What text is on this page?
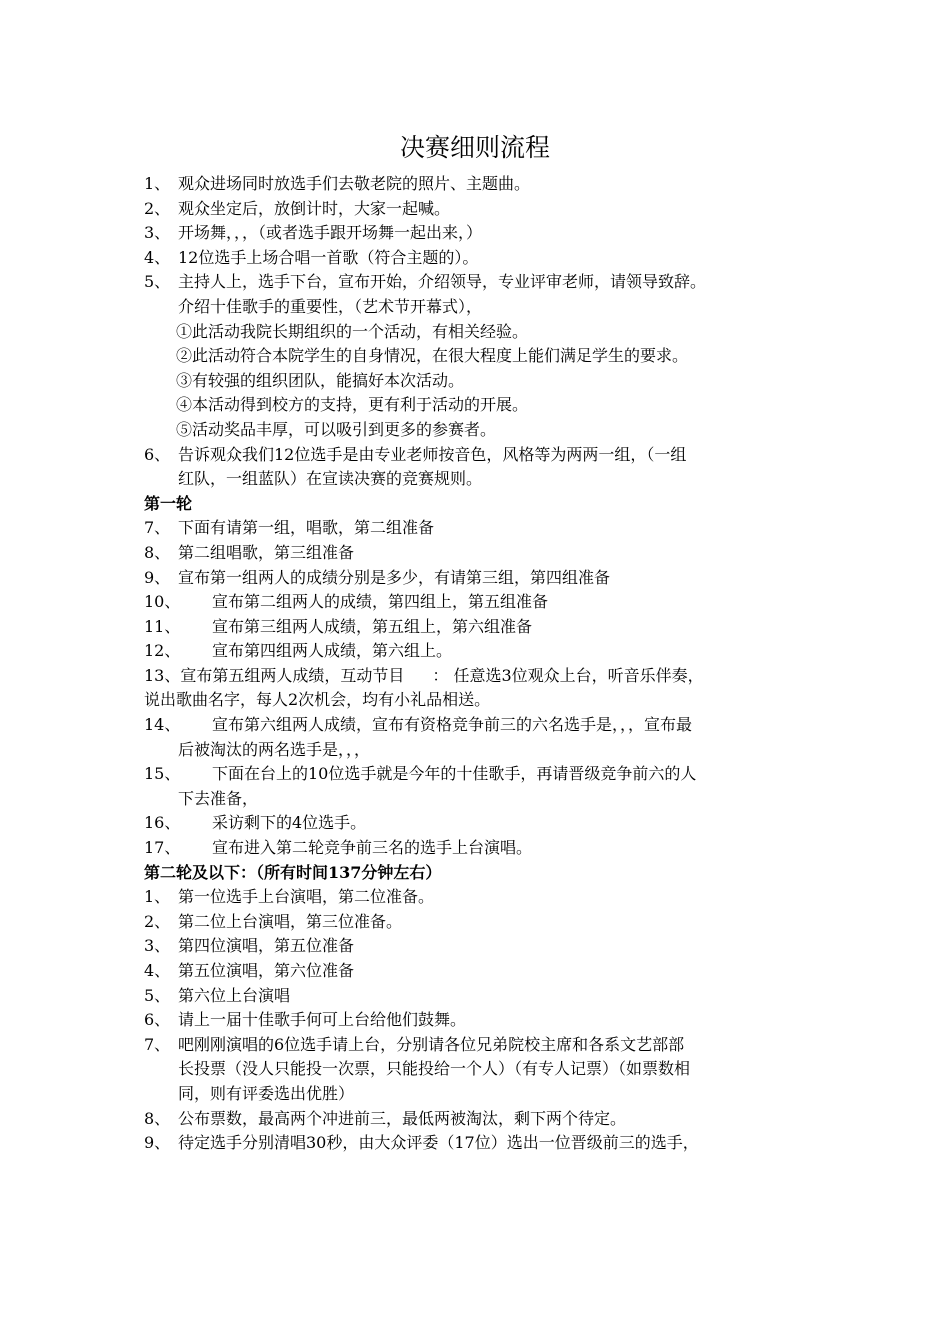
决赛细则流程
1、 观众进场同时放选手们去敬老院的照片、主题曲。
2、 观众坐定后，放倒计时，大家一起喊。
3、 开场舞，，，（或者选手跟开场舞一起出来，）
4、 12位选手上场合唱一首歌（符合主题的）。
5、 主持人上，选手下台，宣布开始，介绍领导，专业评审老师，请领导致辞。
介绍十佳歌手的重要性，（艺术节开幕式），
①此活动我院长期组织的一个活动，有相关经验。
②此活动符合本院学生的自身情况，在很大程度上能们满足学生的要求。
③有较强的组织团队，能搞好本次活动。
④本活动得到校方的支持，更有利于活动的开展。
⑤活动奖品丰厚，可以吸引到更多的参赛者。
6、 告诉观众我们12位选手是由专业老师按音色，风格等为两两一组，（一组
红队，一组蓝队）在宣读决赛的竞赛规则。
第一轮
7、 下面有请第一组，唱歌，第二组准备
8、 第二组唱歌，第三组准备
9、 宣布第一组两人的成绩分别是多少，有请第三组，第四组准备
10、	宣布第二组两人的成绩，第四组上，第五组准备
11、	宣布第三组两人成绩，第五组上，第六组准备
12、	宣布第四组两人成绩，第六组上。
13、宣布第五组两人成绩，互动节目 ： 任意选3位观众上台，听音乐伴奏，
说出歌曲名字，每人2次机会，均有小礼品相送。
14、	宣布第六组两人成绩，宣布有资格竞争前三的六名选手是，，，宣布最
后被淘汰的两名选手是，，，
15、	下面在台上的10位选手就是今年的十佳歌手，再请晋级竞争前六的人
下去准备，
16、	采访剩下的4位选手。
17、	宣布进入第二轮竞争前三名的选手上台演唱。
第二轮及以下：（所有时间137分钟左右）
1、 第一位选手上台演唱，第二位准备。
2、 第二位上台演唱，第三位准备。
3、 第四位演唱，第五位准备
4、 第五位演唱，第六位准备
5、 第六位上台演唱
6、 请上一届十佳歌手何可上台给他们鼓舞。
7、 吧刚刚演唱的6位选手请上台，分别请各位兄弟院校主席和各系文艺部部
长投票（没人只能投一次票，只能投给一个人）（有专人记票）（如票数相
同，则有评委选出优胜）
8、 公布票数，最高两个冲进前三，最低两被淘汰，剩下两个待定。
9、 待定选手分别清唱30秒，由大众评委（17位）选出一位晋级前三的选手，
